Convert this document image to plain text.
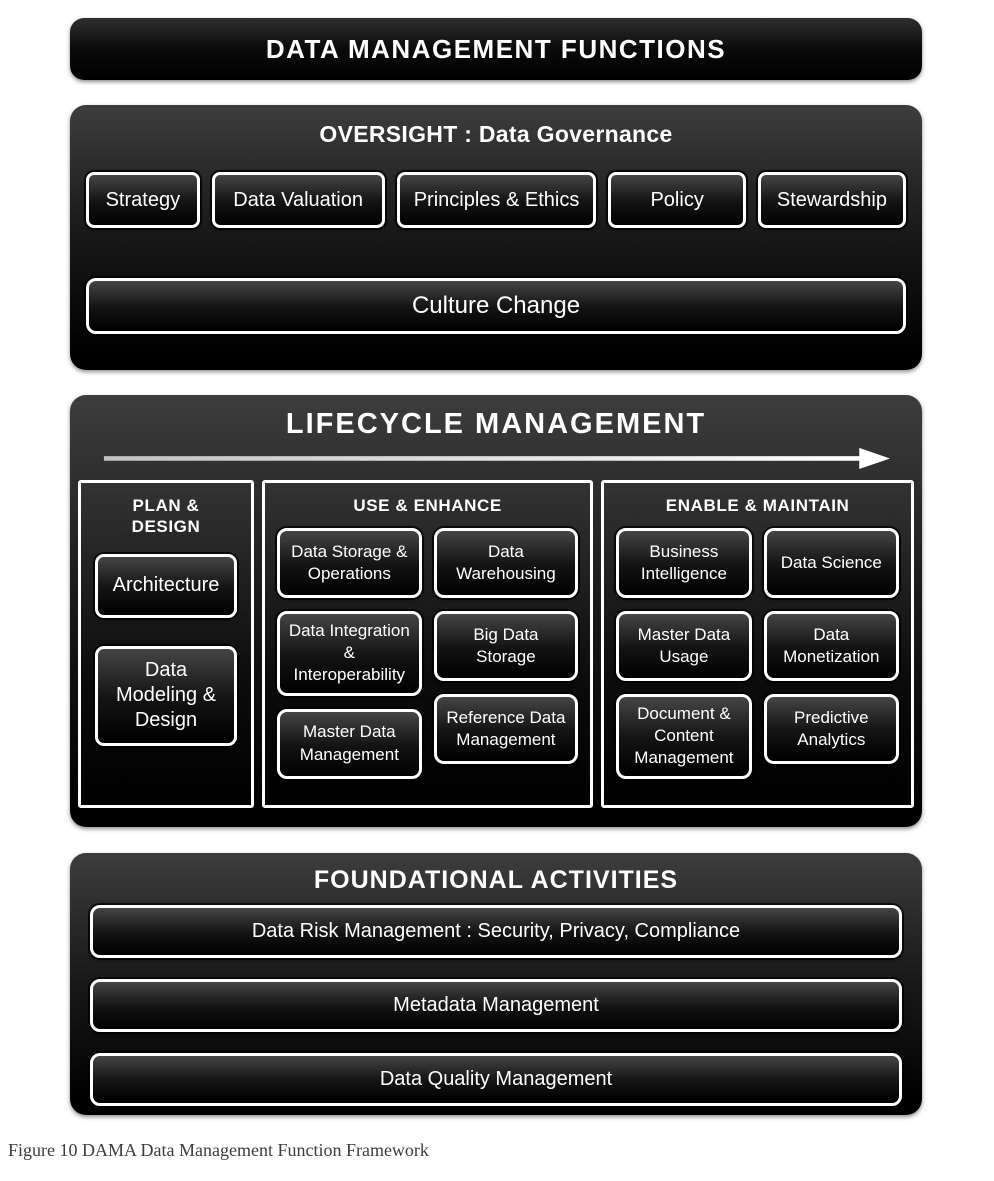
DATA MANAGEMENT FUNCTIONS
OVERSIGHT : Data Governance
Strategy	Data Valuation	Principles & Ethics	Policy	Stewardship
Culture Change
LIFECYCLE MANAGEMENT
PLAN & DESIGN
Architecture
Data Modeling & Design
USE & ENHANCE
Data Storage & Operations
Data Integration & Interoperability
Master Data Management
Data Warehousing
Big Data Storage
Reference Data Management
ENABLE & MAINTAIN
Business Intelligence
Master Data Usage
Document & Content Management
Data Science
Data Monetization
Predictive Analytics
FOUNDATIONAL ACTIVITIES
Data Risk Management : Security, Privacy, Compliance
Metadata Management
Data Quality Management
Figure 10 DAMA Data Management Function Framework
